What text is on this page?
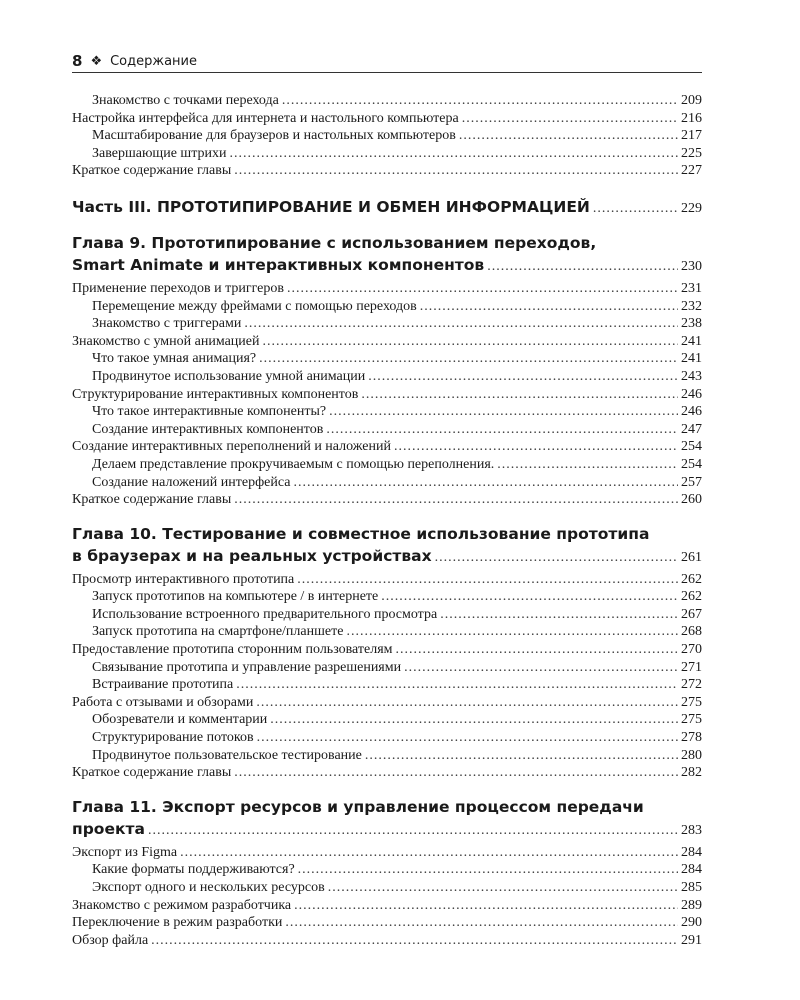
8 ❖ Содержание
Знакомство с точками перехода .....	209
Настройка интерфейса для интернета и настольного компьютера .....	216
Масштабирование для браузеров и настольных компьютеров .....	217
Завершающие штрихи .....	225
Краткое содержание главы .....	227
Часть III. ПРОТОТИПИРОВАНИЕ И ОБМЕН ИНФОРМАЦИЕЙ .....	229
Глава 9. Прототипирование с использованием переходов,
Smart Animate и интерактивных компонентов .....	230
Применение переходов и триггеров .....	231
Перемещение между фреймами с помощью переходов .....	232
Знакомство с триггерами .....	238
Знакомство с умной анимацией .....	241
Что такое умная анимация? .....	241
Продвинутое использование умной анимации .....	243
Структурирование интерактивных компонентов .....	246
Что такое интерактивные компоненты? .....	246
Создание интерактивных компонентов .....	247
Создание интерактивных переполнений и наложений .....	254
Делаем представление прокручиваемым с помощью переполнения. .....	254
Создание наложений интерфейса .....	257
Краткое содержание главы .....	260
Глава 10. Тестирование и совместное использование прототипа
в браузерах и на реальных устройствах .....	261
Просмотр интерактивного прототипа .....	262
Запуск прототипов на компьютере / в интернете .....	262
Использование встроенного предварительного просмотра .....	267
Запуск прототипа на смартфоне/планшете .....	268
Предоставление прототипа сторонним пользователям .....	270
Связывание прототипа и управление разрешениями .....	271
Встраивание прототипа .....	272
Работа с отзывами и обзорами .....	275
Обозреватели и комментарии .....	275
Структурирование потоков .....	278
Продвинутое пользовательское тестирование .....	280
Краткое содержание главы .....	282
Глава 11. Экспорт ресурсов и управление процессом передачи
проекта .....	283
Экспорт из Figma .....	284
Какие форматы поддерживаются? .....	284
Экспорт одного и нескольких ресурсов .....	285
Знакомство с режимом разработчика .....	289
Переключение в режим разработки .....	290
Обзор файла .....	291
